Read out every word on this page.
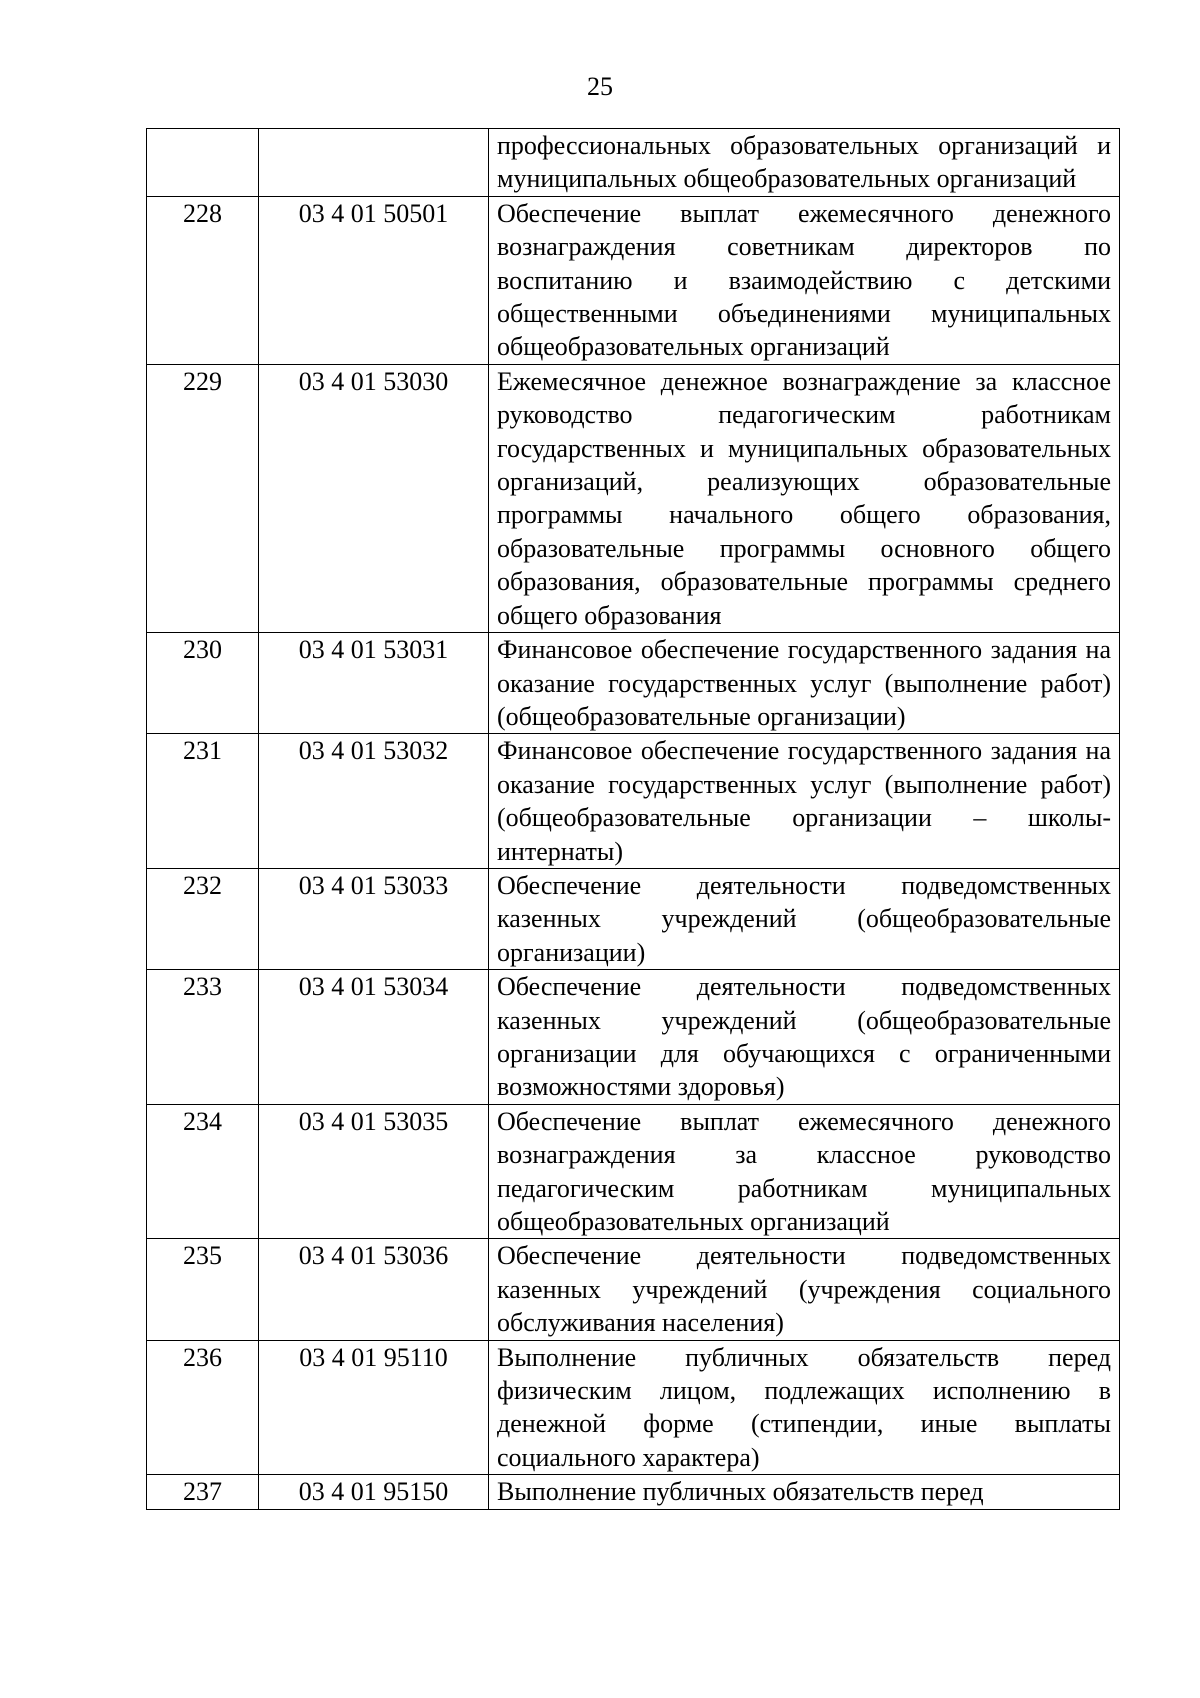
25
		профессиональных образовательных организаций и муниципальных общеобразовательных организаций
228	03 4 01 50501	Обеспечение выплат ежемесячного денежного вознаграждения советникам директоров по воспитанию и взаимодействию с детскими общественными объединениями муниципальных общеобразовательных организаций
229	03 4 01 53030	Ежемесячное денежное вознаграждение за классное руководство педагогическим работникам государственных и муниципальных образовательных организаций, реализующих образовательные программы начального общего образования, образовательные программы основного общего образования, образовательные программы среднего общего образования
230	03 4 01 53031	Финансовое обеспечение государственного задания на оказание государственных услуг (выполнение работ) (общеобразовательные организации)
231	03 4 01 53032	Финансовое обеспечение государственного задания на оказание государственных услуг (выполнение работ) (общеобразовательные организации – школы-интернаты)
232	03 4 01 53033	Обеспечение деятельности подведомственных казенных учреждений (общеобразовательные организации)
233	03 4 01 53034	Обеспечение деятельности подведомственных казенных учреждений (общеобразовательные организации для обучающихся с ограниченными возможностями здоровья)
234	03 4 01 53035	Обеспечение выплат ежемесячного денежного вознаграждения за классное руководство педагогическим работникам муниципальных общеобразовательных организаций
235	03 4 01 53036	Обеспечение деятельности подведомственных казенных учреждений (учреждения социального обслуживания населения)
236	03 4 01 95110	Выполнение публичных обязательств перед физическим лицом, подлежащих исполнению в денежной форме (стипендии, иные выплаты социального характера)
237	03 4 01 95150	Выполнение публичных обязательств перед
